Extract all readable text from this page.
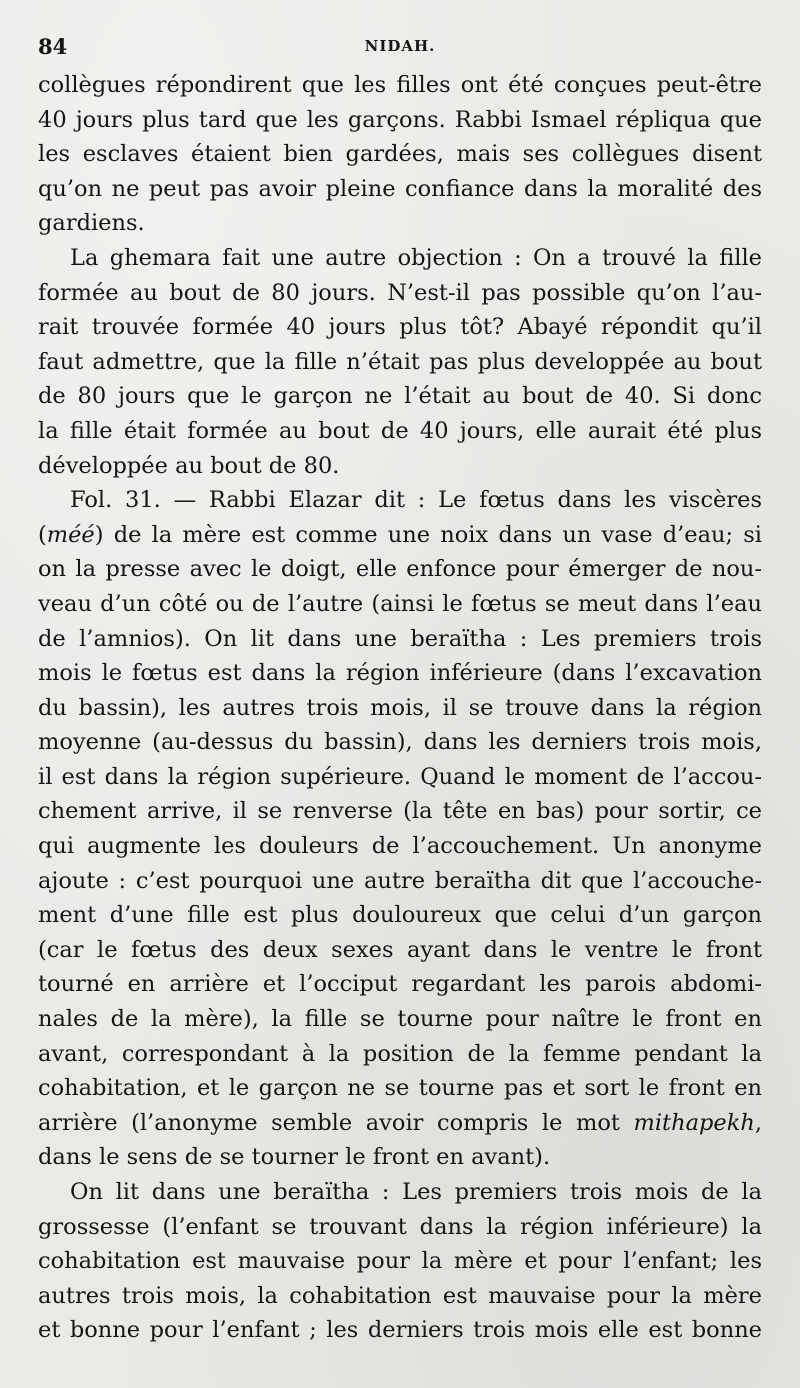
84	NIDAH.
collègues répondirent que les filles ont été conçues peut-être
40 jours plus tard que les garçons. Rabbi Ismael répliqua que
les esclaves étaient bien gardées, mais ses collègues disent
qu’on ne peut pas avoir pleine confiance dans la moralité des
gardiens.
La ghemara fait une autre objection : On a trouvé la fille
formée au bout de 80 jours. N’est-il pas possible qu’on l’au-
rait trouvée formée 40 jours plus tôt? Abayé répondit qu’il
faut admettre, que la fille n’était pas plus developpée au bout
de 80 jours que le garçon ne l’était au bout de 40. Si donc
la fille était formée au bout de 40 jours, elle aurait été plus
développée au bout de 80.
Fol. 31. — Rabbi Elazar dit : Le fœtus dans les viscères
(méé) de la mère est comme une noix dans un vase d’eau; si
on la presse avec le doigt, elle enfonce pour émerger de nou-
veau d’un côté ou de l’autre (ainsi le fœtus se meut dans l’eau
de l’amnios). On lit dans une beraïtha : Les premiers trois
mois le fœtus est dans la région inférieure (dans l’excavation
du bassin), les autres trois mois, il se trouve dans la région
moyenne (au-dessus du bassin), dans les derniers trois mois,
il est dans la région supérieure. Quand le moment de l’accou-
chement arrive, il se renverse (la tête en bas) pour sortir, ce
qui augmente les douleurs de l’accouchement. Un anonyme
ajoute : c’est pourquoi une autre beraïtha dit que l’accouche-
ment d’une fille est plus douloureux que celui d’un garçon
(car le fœtus des deux sexes ayant dans le ventre le front
tourné en arrière et l’occiput regardant les parois abdomi-
nales de la mère), la fille se tourne pour naître le front en
avant, correspondant à la position de la femme pendant la
cohabitation, et le garçon ne se tourne pas et sort le front en
arrière (l’anonyme semble avoir compris le mot mithapekh,
dans le sens de se tourner le front en avant).
On lit dans une beraïtha : Les premiers trois mois de la
grossesse (l’enfant se trouvant dans la région inférieure) la
cohabitation est mauvaise pour la mère et pour l’enfant; les
autres trois mois, la cohabitation est mauvaise pour la mère
et bonne pour l’enfant ; les derniers trois mois elle est bonne
